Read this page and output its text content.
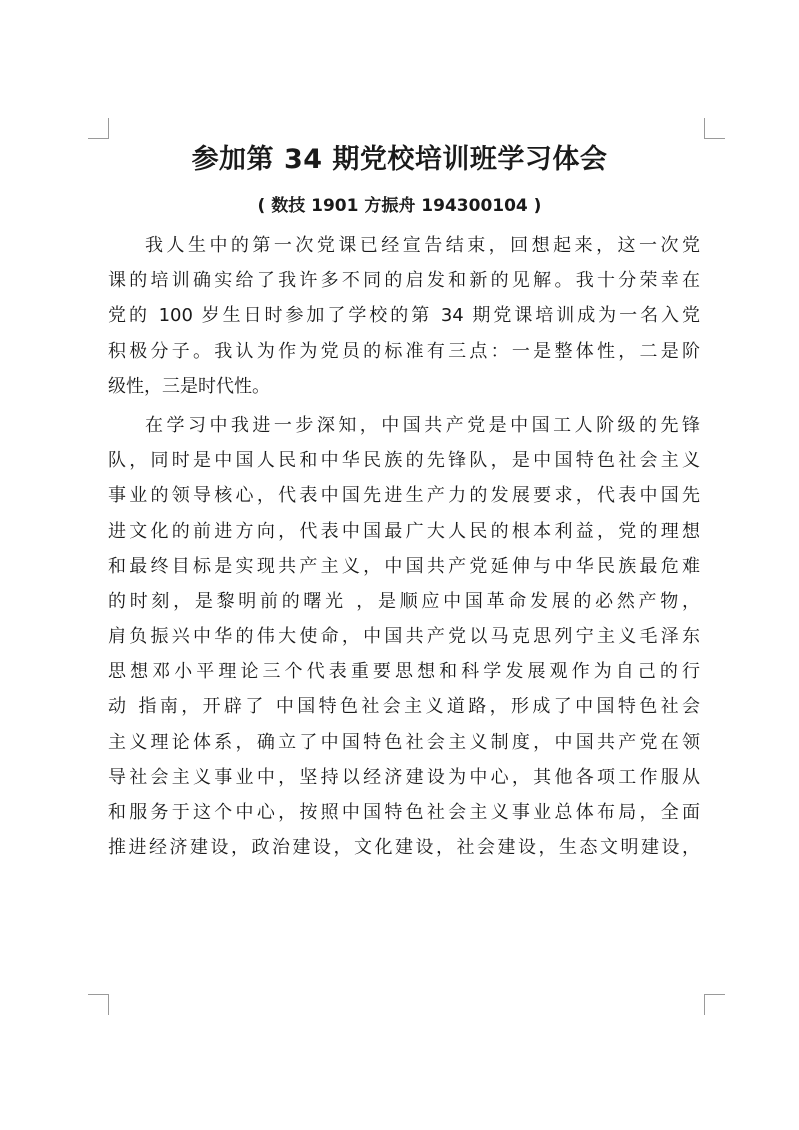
参加第 34 期党校培训班学习体会
( 数技 1901 方振舟 194300104 )
我人生中的第一次党课已经宣告结束，回想起来，这一次党
课的培训确实给了我许多不同的启发和新的见解。我十分荣幸在
党的 100 岁生日时参加了学校的第 34 期党课培训成为一名入党
积极分子。我认为作为党员的标准有三点：一是整体性，二是阶
级性，三是时代性。
在学习中我进一步深知，中国共产党是中国工人阶级的先锋
队，同时是中国人民和中华民族的先锋队，是中国特色社会主义
事业的领导核心，代表中国先进生产力的发展要求，代表中国先
进文化的前进方向，代表中国最广大人民的根本利益，党的理想
和最终目标是实现共产主义，中国共产党延伸与中华民族最危难
的时刻，是黎明前的曙光 ，是顺应中国革命发展的必然产物，
肩负振兴中华的伟大使命，中国共产党以马克思列宁主义毛泽东
思想邓小平理论三个代表重要思想和科学发展观作为自己的行
动 指南，开辟了 中国特色社会主义道路，形成了中国特色社会
主义理论体系，确立了中国特色社会主义制度，中国共产党在领
导社会主义事业中，坚持以经济建设为中心，其他各项工作服从
和服务于这个中心，按照中国特色社会主义事业总体布局，全面
推进经济建设，政治建设，文化建设，社会建设，生态文明建设，
